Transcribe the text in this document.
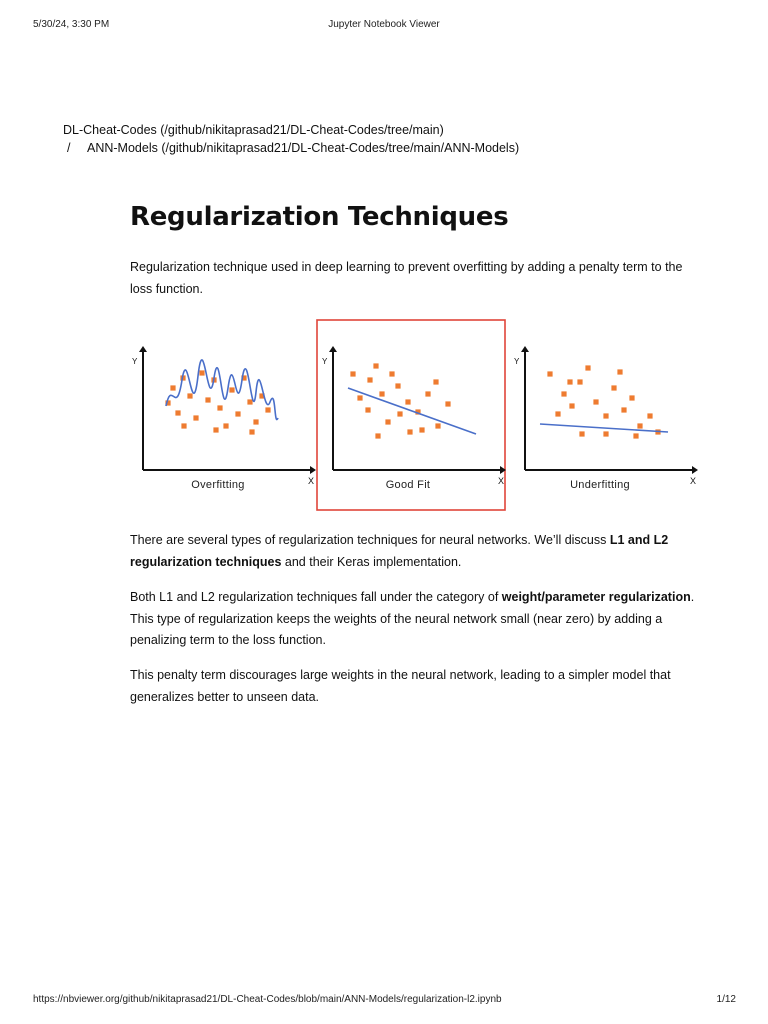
5/30/24, 3:30 PM	Jupyter Notebook Viewer
DL-Cheat-Codes (/github/nikitaprasad21/DL-Cheat-Codes/tree/main)
/ ANN-Models (/github/nikitaprasad21/DL-Cheat-Codes/tree/main/ANN-Models)
Regularization Techniques

Regularization technique used in deep learning to prevent overfitting by adding a penalty term to the loss function.

Y
X
Overfitting
Y
X
Good Fit
Y
X
Underfitting

There are several types of regularization techniques for neural networks. We’ll discuss L1 and L2 regularization techniques and their Keras implementation.

Both L1 and L2 regularization techniques fall under the category of weight/parameter regularization. This type of regularization keeps the weights of the neural network small (near zero) by adding a penalizing term to the loss function.

This penalty term discourages large weights in the neural network, leading to a simpler model that generalizes better to unseen data.

https://nbviewer.org/github/nikitaprasad21/DL-Cheat-Codes/blob/main/ANN-Models/regularization-l2.ipynb	1/12
